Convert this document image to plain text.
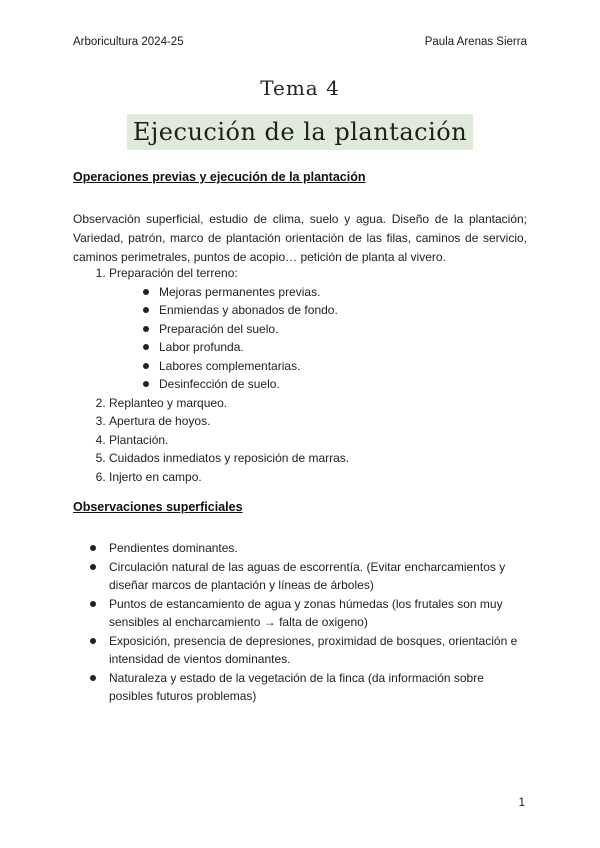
Arboricultura 2024-25	Paula Arenas Sierra
Tema 4
Ejecución de la plantación
Operaciones previas y ejecución de la plantación
Observación superficial, estudio de clima, suelo y agua. Diseño de la plantación; Variedad, patrón, marco de plantación orientación de las filas, caminos de servicio, caminos perimetrales, puntos de acopio… petición de planta al vivero.
1. Preparación del terreno:
Mejoras permanentes previas.
Enmiendas y abonados de fondo.
Preparación del suelo.
Labor profunda.
Labores complementarias.
Desinfección de suelo.
2. Replanteo y marqueo.
3. Apertura de hoyos.
4. Plantación.
5. Cuidados inmediatos y reposición de marras.
6. Injerto en campo.
Observaciones superficiales
Pendientes dominantes.
Circulación natural de las aguas de escorrentía. (Evitar encharcamientos y diseñar marcos de plantación y líneas de árboles)
Puntos de estancamiento de agua y zonas húmedas (los frutales son muy sensibles al encharcamiento → falta de oxigeno)
Exposición, presencia de depresiones, proximidad de bosques, orientación e intensidad de vientos dominantes.
Naturaleza y estado de la vegetación de la finca (da información sobre posibles futuros problemas)
1
